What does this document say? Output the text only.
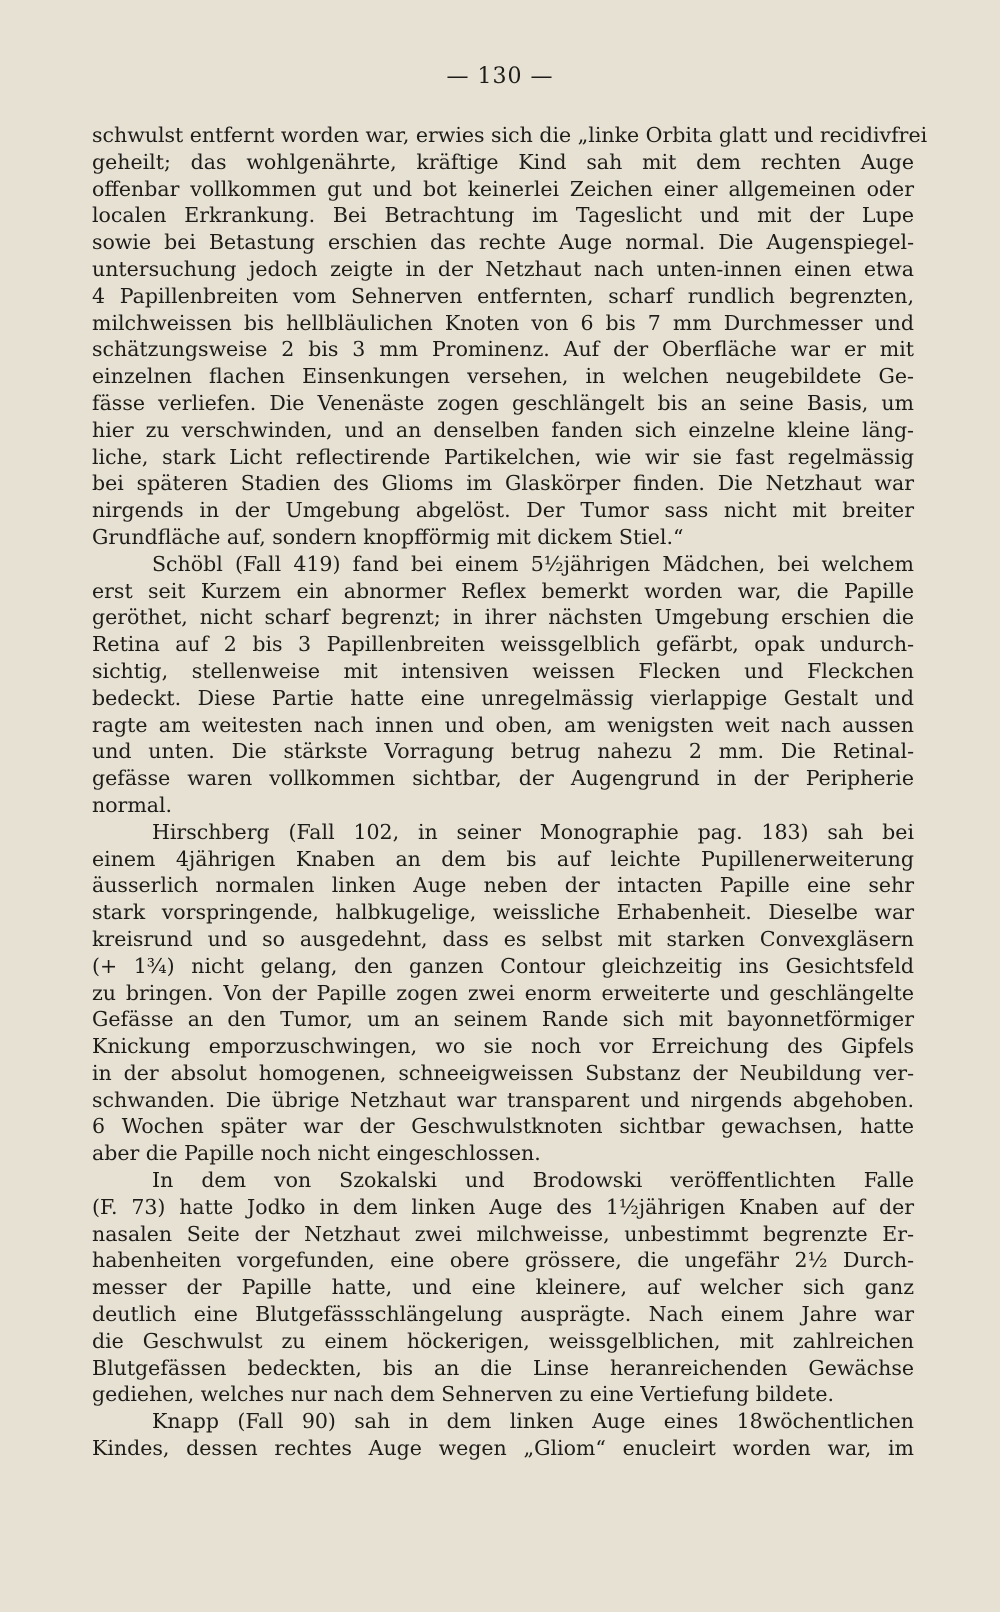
— 130 —
schwulst entfernt worden war, erwies sich die „linke Orbita glatt und recidivfrei
geheilt; das wohlgenährte, kräftige Kind sah mit dem rechten Auge
offenbar vollkommen gut und bot keinerlei Zeichen einer allgemeinen oder
localen Erkrankung. Bei Betrachtung im Tageslicht und mit der Lupe
sowie bei Betastung erschien das rechte Auge normal. Die Augenspiegel-
untersuchung jedoch zeigte in der Netzhaut nach unten-innen einen etwa
4 Papillenbreiten vom Sehnerven entfernten, scharf rundlich begrenzten,
milchweissen bis hellbläulichen Knoten von 6 bis 7 mm Durchmesser und
schätzungsweise 2 bis 3 mm Prominenz. Auf der Oberfläche war er mit
einzelnen flachen Einsenkungen versehen, in welchen neugebildete Ge-
fässe verliefen. Die Venenäste zogen geschlängelt bis an seine Basis, um
hier zu verschwinden, und an denselben fanden sich einzelne kleine läng-
liche, stark Licht reflectirende Partikelchen, wie wir sie fast regelmässig
bei späteren Stadien des Glioms im Glaskörper finden. Die Netzhaut war
nirgends in der Umgebung abgelöst. Der Tumor sass nicht mit breiter
Grundfläche auf, sondern knopfförmig mit dickem Stiel.“
Schöbl (Fall 419) fand bei einem 5½jährigen Mädchen, bei welchem
erst seit Kurzem ein abnormer Reflex bemerkt worden war, die Papille
geröthet, nicht scharf begrenzt; in ihrer nächsten Umgebung erschien die
Retina auf 2 bis 3 Papillenbreiten weissgelblich gefärbt, opak undurch-
sichtig, stellenweise mit intensiven weissen Flecken und Fleckchen
bedeckt. Diese Partie hatte eine unregelmässig vierlappige Gestalt und
ragte am weitesten nach innen und oben, am wenigsten weit nach aussen
und unten. Die stärkste Vorragung betrug nahezu 2 mm. Die Retinal-
gefässe waren vollkommen sichtbar, der Augengrund in der Peripherie
normal.
Hirschberg (Fall 102, in seiner Monographie pag. 183) sah bei
einem 4jährigen Knaben an dem bis auf leichte Pupillenerweiterung
äusserlich normalen linken Auge neben der intacten Papille eine sehr
stark vorspringende, halbkugelige, weissliche Erhabenheit. Dieselbe war
kreisrund und so ausgedehnt, dass es selbst mit starken Convexgläsern
(+ 1¾) nicht gelang, den ganzen Contour gleichzeitig ins Gesichtsfeld
zu bringen. Von der Papille zogen zwei enorm erweiterte und geschlängelte
Gefässe an den Tumor, um an seinem Rande sich mit bayonnetförmiger
Knickung emporzuschwingen, wo sie noch vor Erreichung des Gipfels
in der absolut homogenen, schneeigweissen Substanz der Neubildung ver-
schwanden. Die übrige Netzhaut war transparent und nirgends abgehoben.
6 Wochen später war der Geschwulstknoten sichtbar gewachsen, hatte
aber die Papille noch nicht eingeschlossen.
In dem von Szokalski und Brodowski veröffentlichten Falle
(F. 73) hatte Jodko in dem linken Auge des 1½jährigen Knaben auf der
nasalen Seite der Netzhaut zwei milchweisse, unbestimmt begrenzte Er-
habenheiten vorgefunden, eine obere grössere, die ungefähr 2½ Durch-
messer der Papille hatte, und eine kleinere, auf welcher sich ganz
deutlich eine Blutgefässschlängelung ausprägte. Nach einem Jahre war
die Geschwulst zu einem höckerigen, weissgelblichen, mit zahlreichen
Blutgefässen bedeckten, bis an die Linse heranreichenden Gewächse
gediehen, welches nur nach dem Sehnerven zu eine Vertiefung bildete.
Knapp (Fall 90) sah in dem linken Auge eines 18wöchentlichen
Kindes, dessen rechtes Auge wegen „Gliom“ enucleirt worden war, im
